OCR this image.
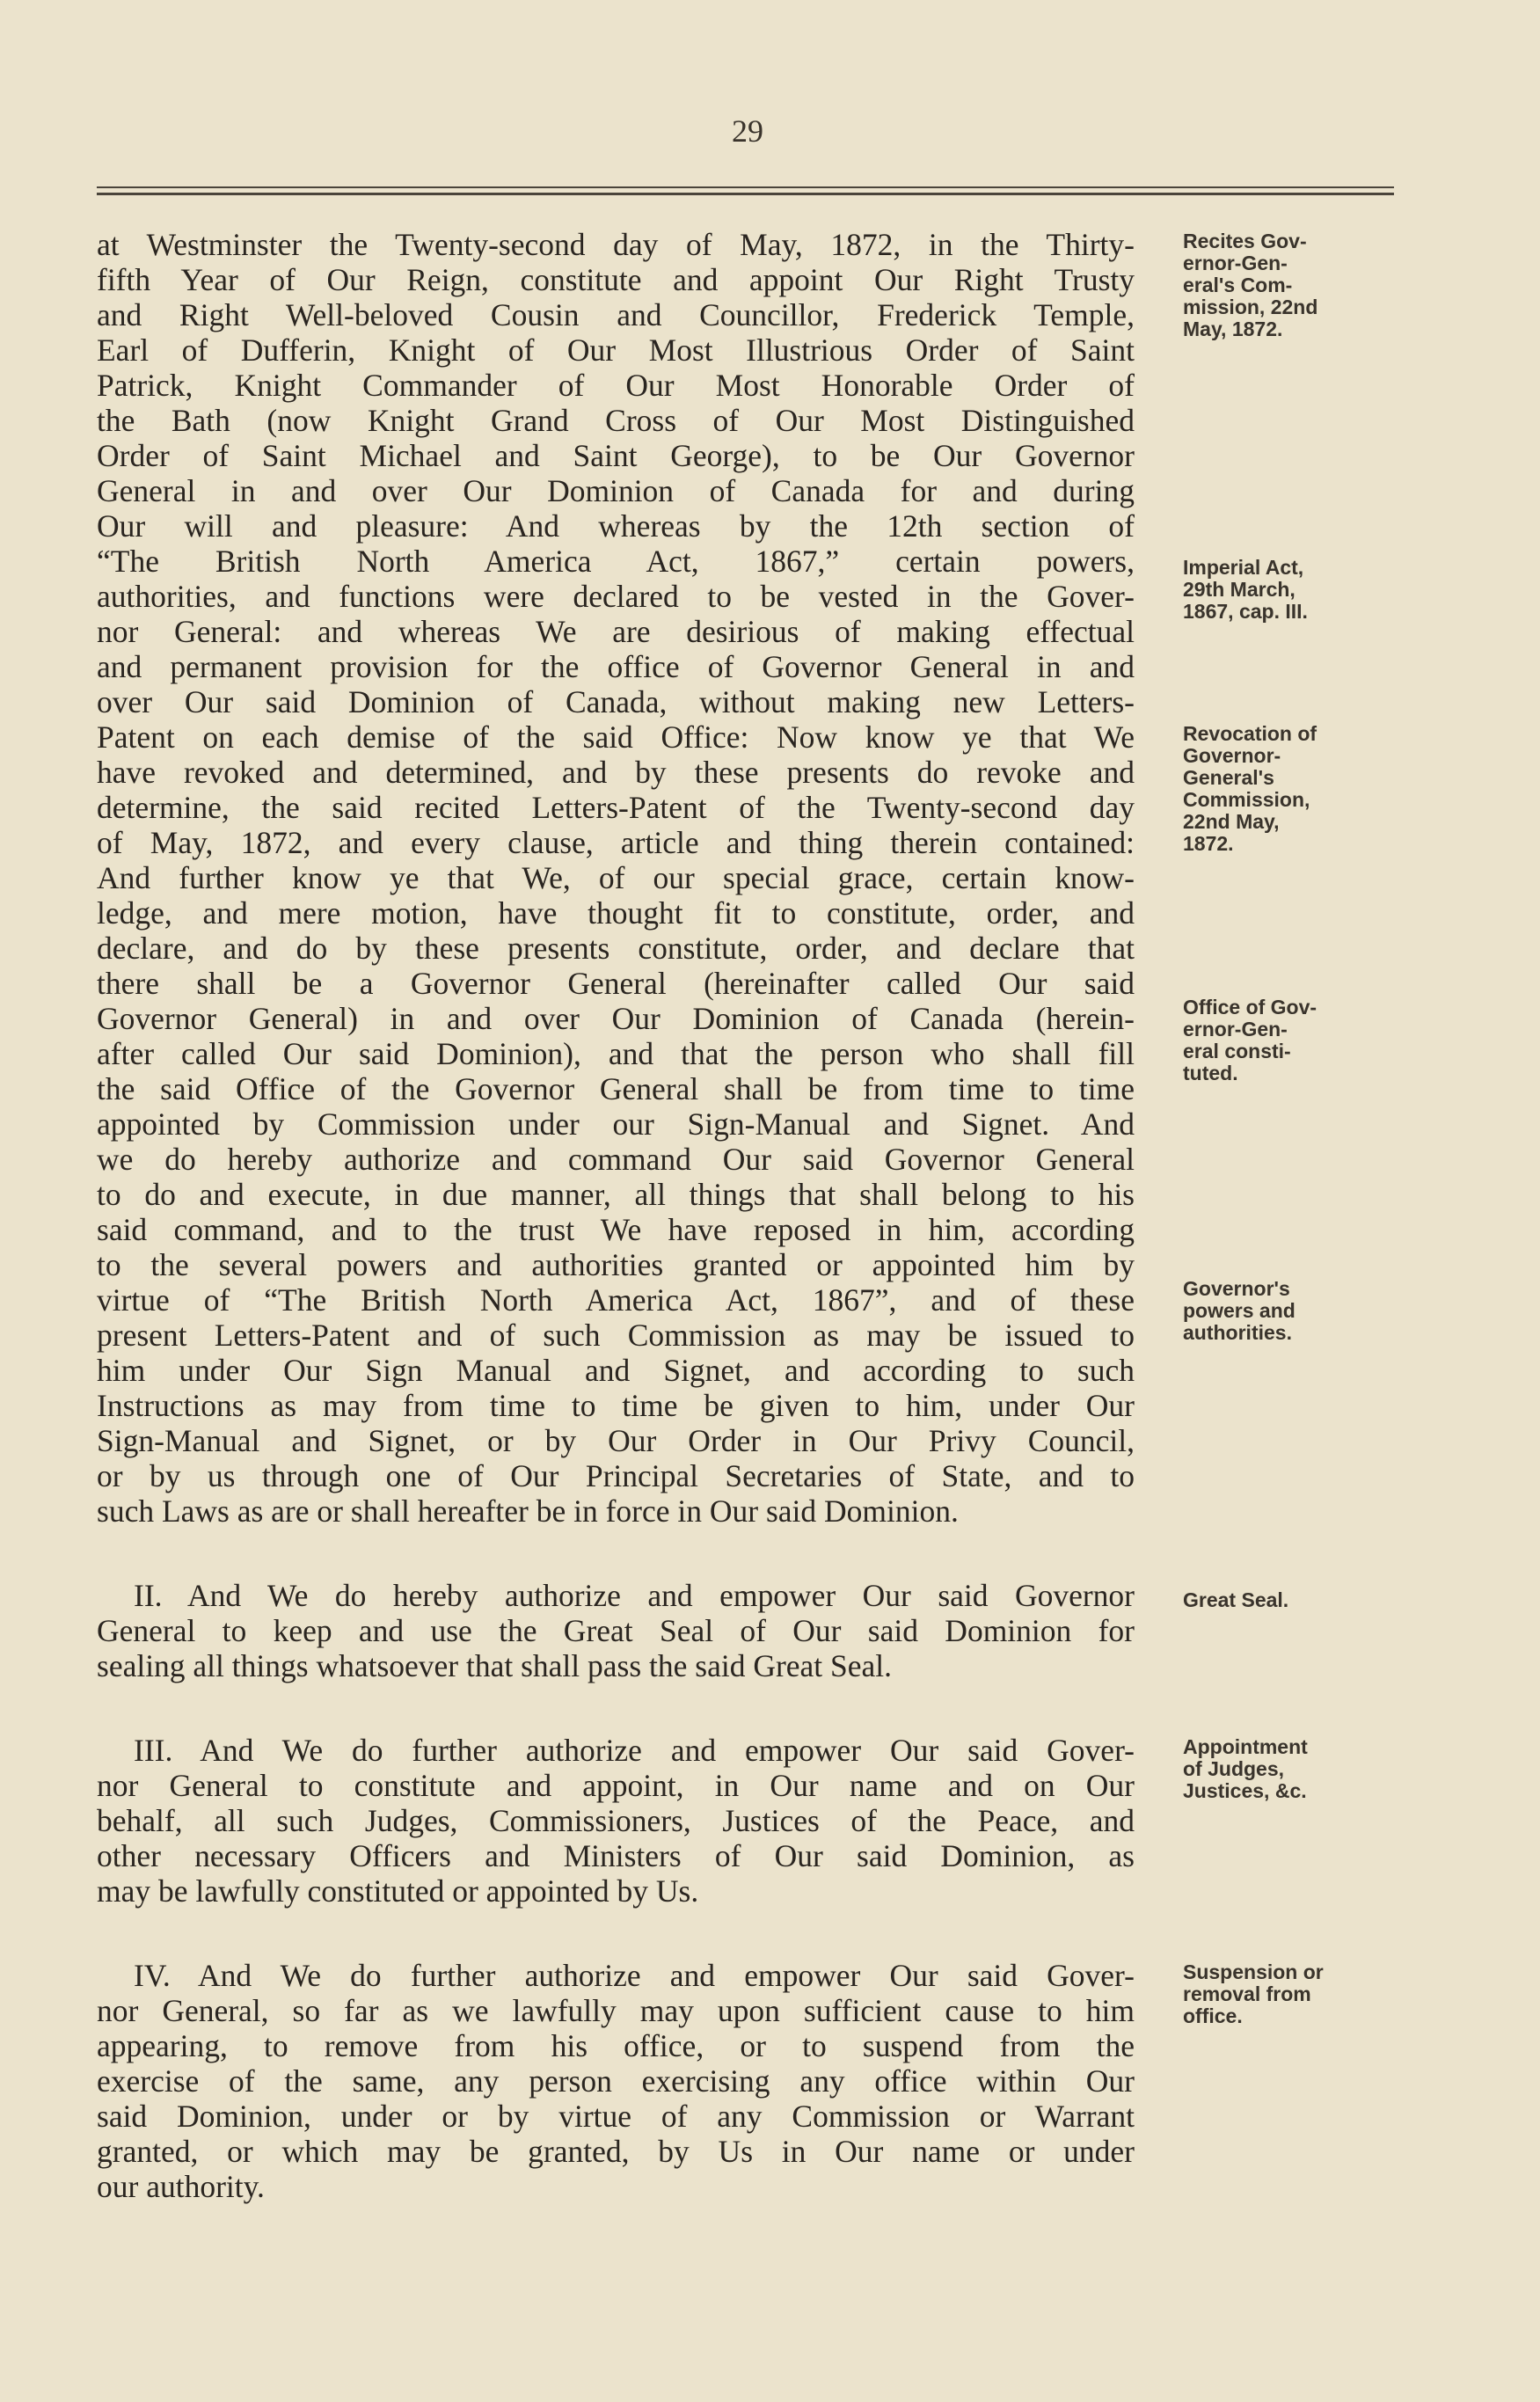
29
at Westminster the Twenty-second day of May, 1872, in the Thirty-
fifth Year of Our Reign, constitute and appoint Our Right Trusty
and Right Well-beloved Cousin and Councillor, Frederick Temple,
Earl of Dufferin, Knight of Our Most Illustrious Order of Saint
Patrick, Knight Commander of Our Most Honorable Order of
the Bath (now Knight Grand Cross of Our Most Distinguished
Order of Saint Michael and Saint George), to be Our Governor
General in and over Our Dominion of Canada for and during
Our will and pleasure: And whereas by the 12th section of
“The British North America Act, 1867,” certain powers,
authorities, and functions were declared to be vested in the Gover-
nor General: and whereas We are desirious of making effectual
and permanent provision for the office of Governor General in and
over Our said Dominion of Canada, without making new Letters-
Patent on each demise of the said Office: Now know ye that We
have revoked and determined, and by these presents do revoke and
determine, the said recited Letters-Patent of the Twenty-second day
of May, 1872, and every clause, article and thing therein contained:
And further know ye that We, of our special grace, certain know-
ledge, and mere motion, have thought fit to constitute, order, and
declare, and do by these presents constitute, order, and declare that
there shall be a Governor General (hereinafter called Our said
Governor General) in and over Our Dominion of Canada (herein-
after called Our said Dominion), and that the person who shall fill
the said Office of the Governor General shall be from time to time
appointed by Commission under our Sign-Manual and Signet. And
we do hereby authorize and command Our said Governor General
to do and execute, in due manner, all things that shall belong to his
said command, and to the trust We have reposed in him, according
to the several powers and authorities granted or appointed him by
virtue of “The British North America Act, 1867”, and of these
present Letters-Patent and of such Commission as may be issued to
him under Our Sign Manual and Signet, and according to such
Instructions as may from time to time be given to him, under Our
Sign-Manual and Signet, or by Our Order in Our Privy Council,
or by us through one of Our Principal Secretaries of State, and to
such Laws as are or shall hereafter be in force in Our said Dominion.
II. And We do hereby authorize and empower Our said Governor
General to keep and use the Great Seal of Our said Dominion for
sealing all things whatsoever that shall pass the said Great Seal.
III. And We do further authorize and empower Our said Gover-
nor General to constitute and appoint, in Our name and on Our
behalf, all such Judges, Commissioners, Justices of the Peace, and
other necessary Officers and Ministers of Our said Dominion, as
may be lawfully constituted or appointed by Us.
IV. And We do further authorize and empower Our said Gover-
nor General, so far as we lawfully may upon sufficient cause to him
appearing, to remove from his office, or to suspend from the
exercise of the same, any person exercising any office within Our
said Dominion, under or by virtue of any Commission or Warrant
granted, or which may be granted, by Us in Our name or under
our authority.
Recites Gov-
ernor-Gen-
eral's Com-
mission, 22nd
May, 1872.
Imperial Act,
29th March,
1867, cap. III.
Revocation of
Governor-
General's
Commission,
22nd May,
1872.
Office of Gov-
ernor-Gen-
eral consti-
tuted.
Governor's
powers and
authorities.
Great Seal.
Appointment
of Judges,
Justices, &c.
Suspension or
removal from
office.
